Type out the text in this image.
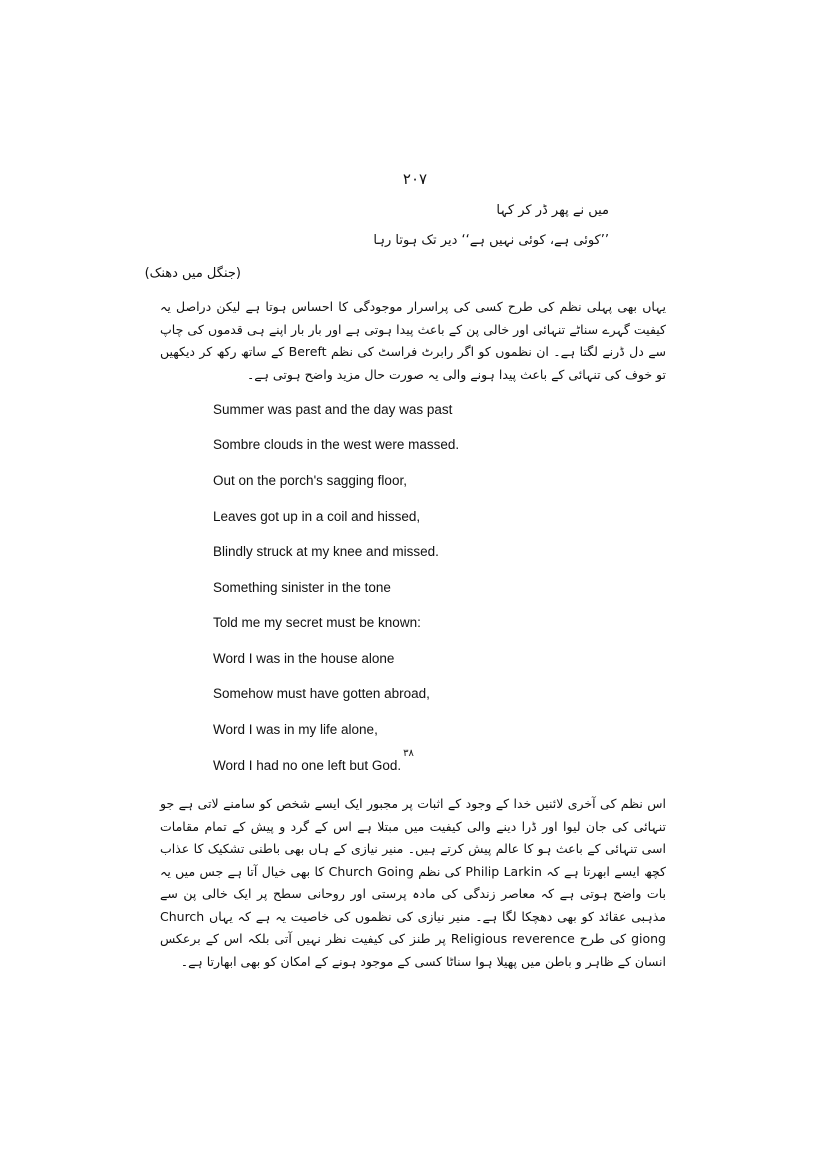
۲۰۷
میں نے پھر ڈر کر کہا
’’کوئی ہے، کوئی نہیں ہے‘‘ دیر تک ہوتا رہا
(جنگل میں دھنک)
یہاں بھی پہلی نظم کی طرح کسی کی پراسرار موجودگی کا احساس ہوتا ہے لیکن دراصل یہ کیفیت گہرے سناٹے تنہائی اور خالی پن کے باعث پیدا ہوتی ہے اور بار بار اپنے ہی قدموں کی چاپ سے دل ڈرنے لگتا ہے۔ ان نظموں کو اگر رابرٹ فراسٹ کی نظم Bereft کے ساتھ رکھ کر دیکھیں تو خوف کی تنہائی کے باعث پیدا ہونے والی یہ صورت حال مزید واضح ہوتی ہے۔
Summer was past and the day was past
Sombre clouds in the west were massed.
Out on the porch's sagging floor,
Leaves got up in a coil and hissed,
Blindly struck at my knee and missed.
Something sinister in the tone
Told me my secret must be known:
Word I was in the house alone
Somehow must have gotten abroad,
Word I was in my life alone,
Word I had no one left but God.$^{۳۸}$
اس نظم کی آخری لائنیں خدا کے وجود کے اثبات پر مجبور ایک ایسے شخص کو سامنے لاتی ہے جو تنہائی کی جان لیوا اور ڈرا دینے والی کیفیت میں مبتلا ہے اس کے گرد و پیش کے تمام مقامات اسی تنہائی کے باعث ہو کا عالم پیش کرتے ہیں۔ منیر نیازی کے ہاں بھی باطنی تشکیک کا عذاب کچھ ایسے ابھرتا ہے کہ Philip Larkin کی نظم Church Going کا بھی خیال آتا ہے جس میں یہ بات واضح ہوتی ہے کہ معاصر زندگی کی مادہ پرستی اور روحانی سطح پر ایک خالی پن سے مذہبی عقائد کو بھی دھچکا لگا ہے۔ منیر نیازی کی نظموں کی خاصیت یہ ہے کہ یہاں Church giong کی طرح Religious reverence پر طنز کی کیفیت نظر نہیں آتی بلکہ اس کے برعکس انسان کے ظاہر و باطن میں پھیلا ہوا سناٹا کسی کے موجود ہونے کے امکان کو بھی ابھارتا ہے۔
